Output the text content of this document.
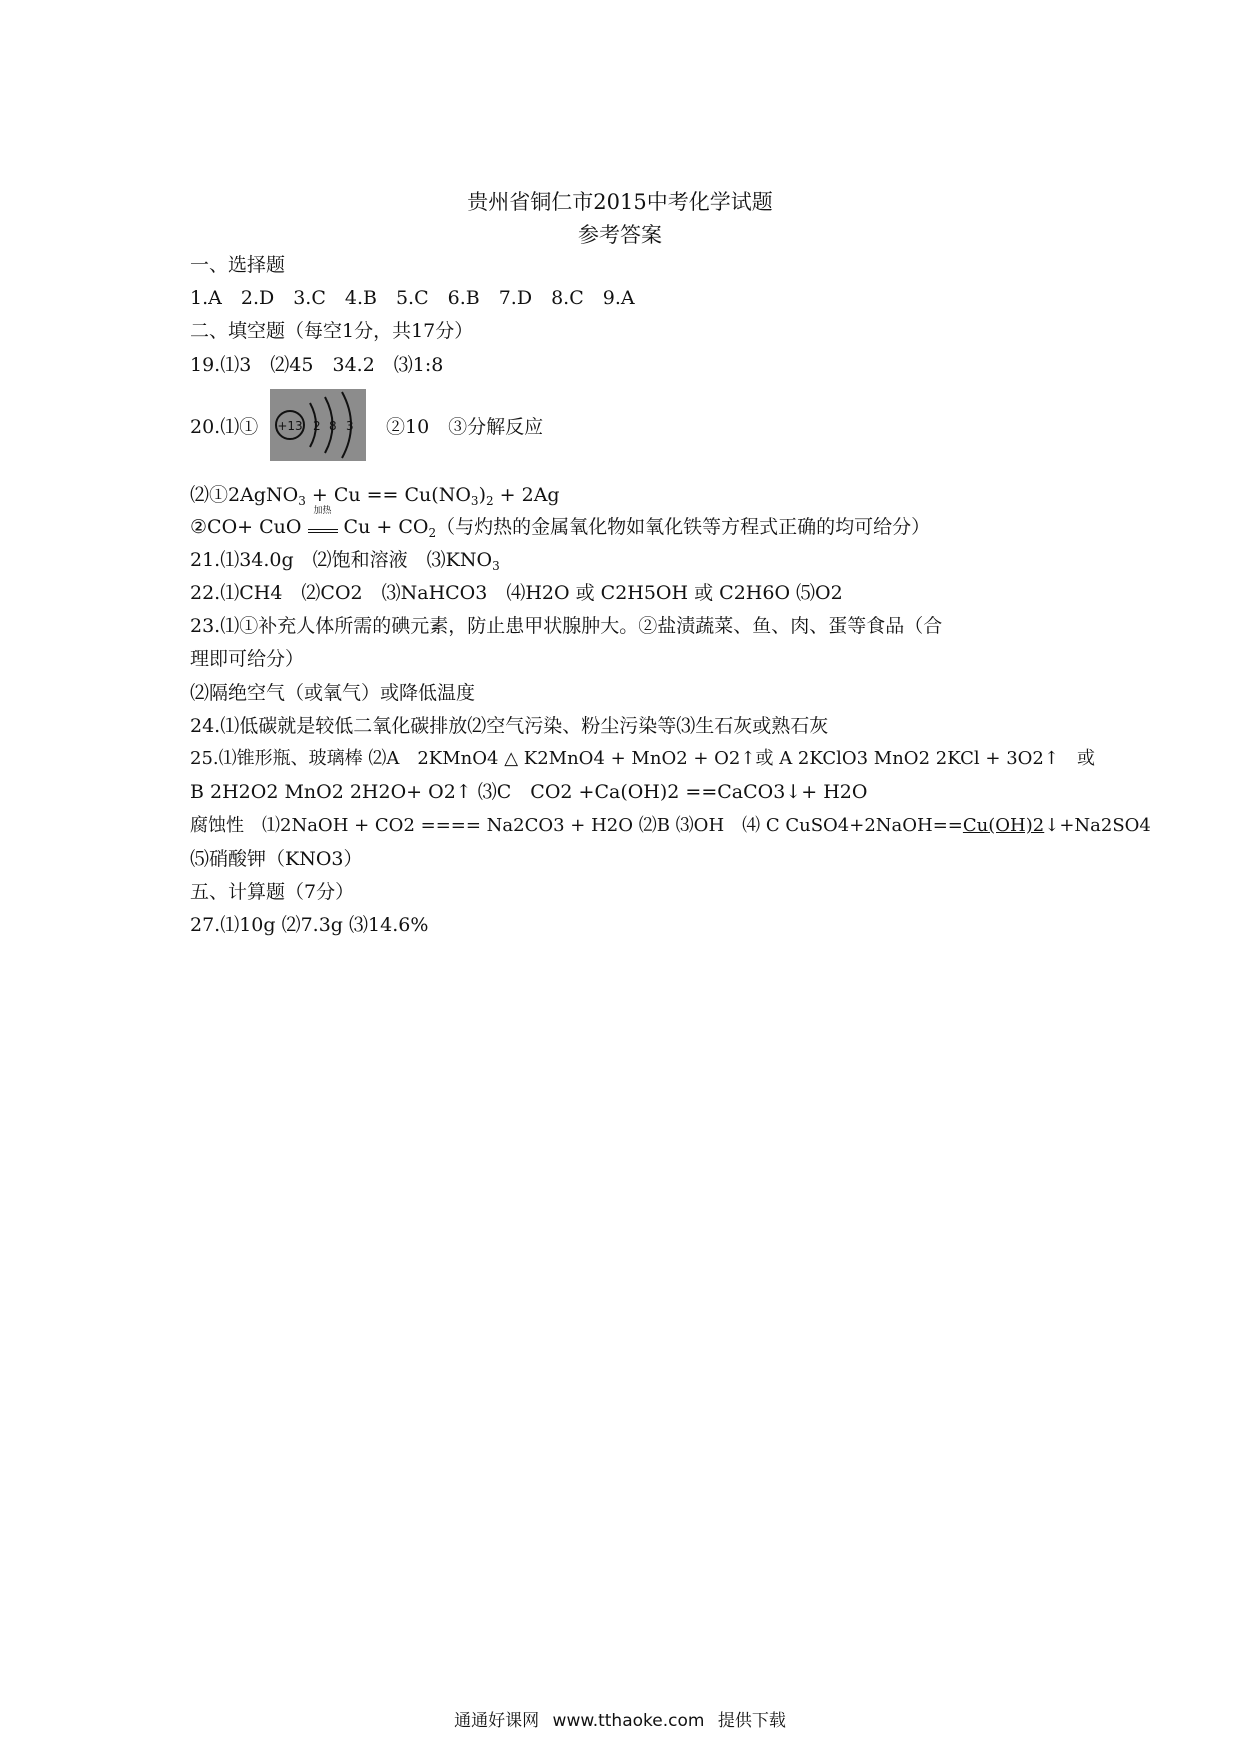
贵州省铜仁市2015中考化学试题
参考答案
一、选择题
1.A　2.D　3.C　4.B　5.C　6.B　7.D　8.C　9.A
二、填空题（每空1分，共17分）
19.⑴3　⑵45　34.2　⑶1:8
20.⑴① +13 2 8 3 ②10　③分解反应
⑵①2AgNO$_3$ + $Cu == Cu(NO_3)_2 + 2Ag$
②CO+ CuO
加热
$Cu + CO_2$（与灼热的金属氧化物如氧化铁等方程式正确的均可给分）
21.⑴34.0g　⑵饱和溶液　$⑶KNO_3$
22.⑴CH4　⑵CO2　⑶NaHCO3　⑷H2O 或 C2H5OH 或 C2H6O ⑸O2
23.⑴①补充人体所需的碘元素，防止患甲状腺肿大。②盐渍蔬菜、鱼、肉、蛋等食品（合
理即可给分）
⑵隔绝空气（或氧气）或降低温度
24.⑴低碳就是较低二氧化碳排放⑵空气污染、粉尘污染等⑶生石灰或熟石灰
25.⑴锥形瓶、玻璃棒 ⑵A　2KMnO4 △ K2MnO4 + MnO2 + O2↑或 A 2KClO3 MnO2 2KCl + 3O2↑　或
B 2H2O2 MnO2 2H2O+ O2↑ ⑶C　CO2 +Ca(OH)2 ==CaCO3↓+ H2O
腐蚀性　⑴2NaOH + CO2 ==== Na2CO3 + H2O ⑵B ⑶OH　⑷ C CuSO4+2NaOH==Cu(OH)2↓+Na2SO4
⑸硝酸钾（KNO3）
五、计算题（7分）
27.⑴10g ⑵7.3g ⑶14.6%
通通好课网 www.tthaoke.com 提供下载
